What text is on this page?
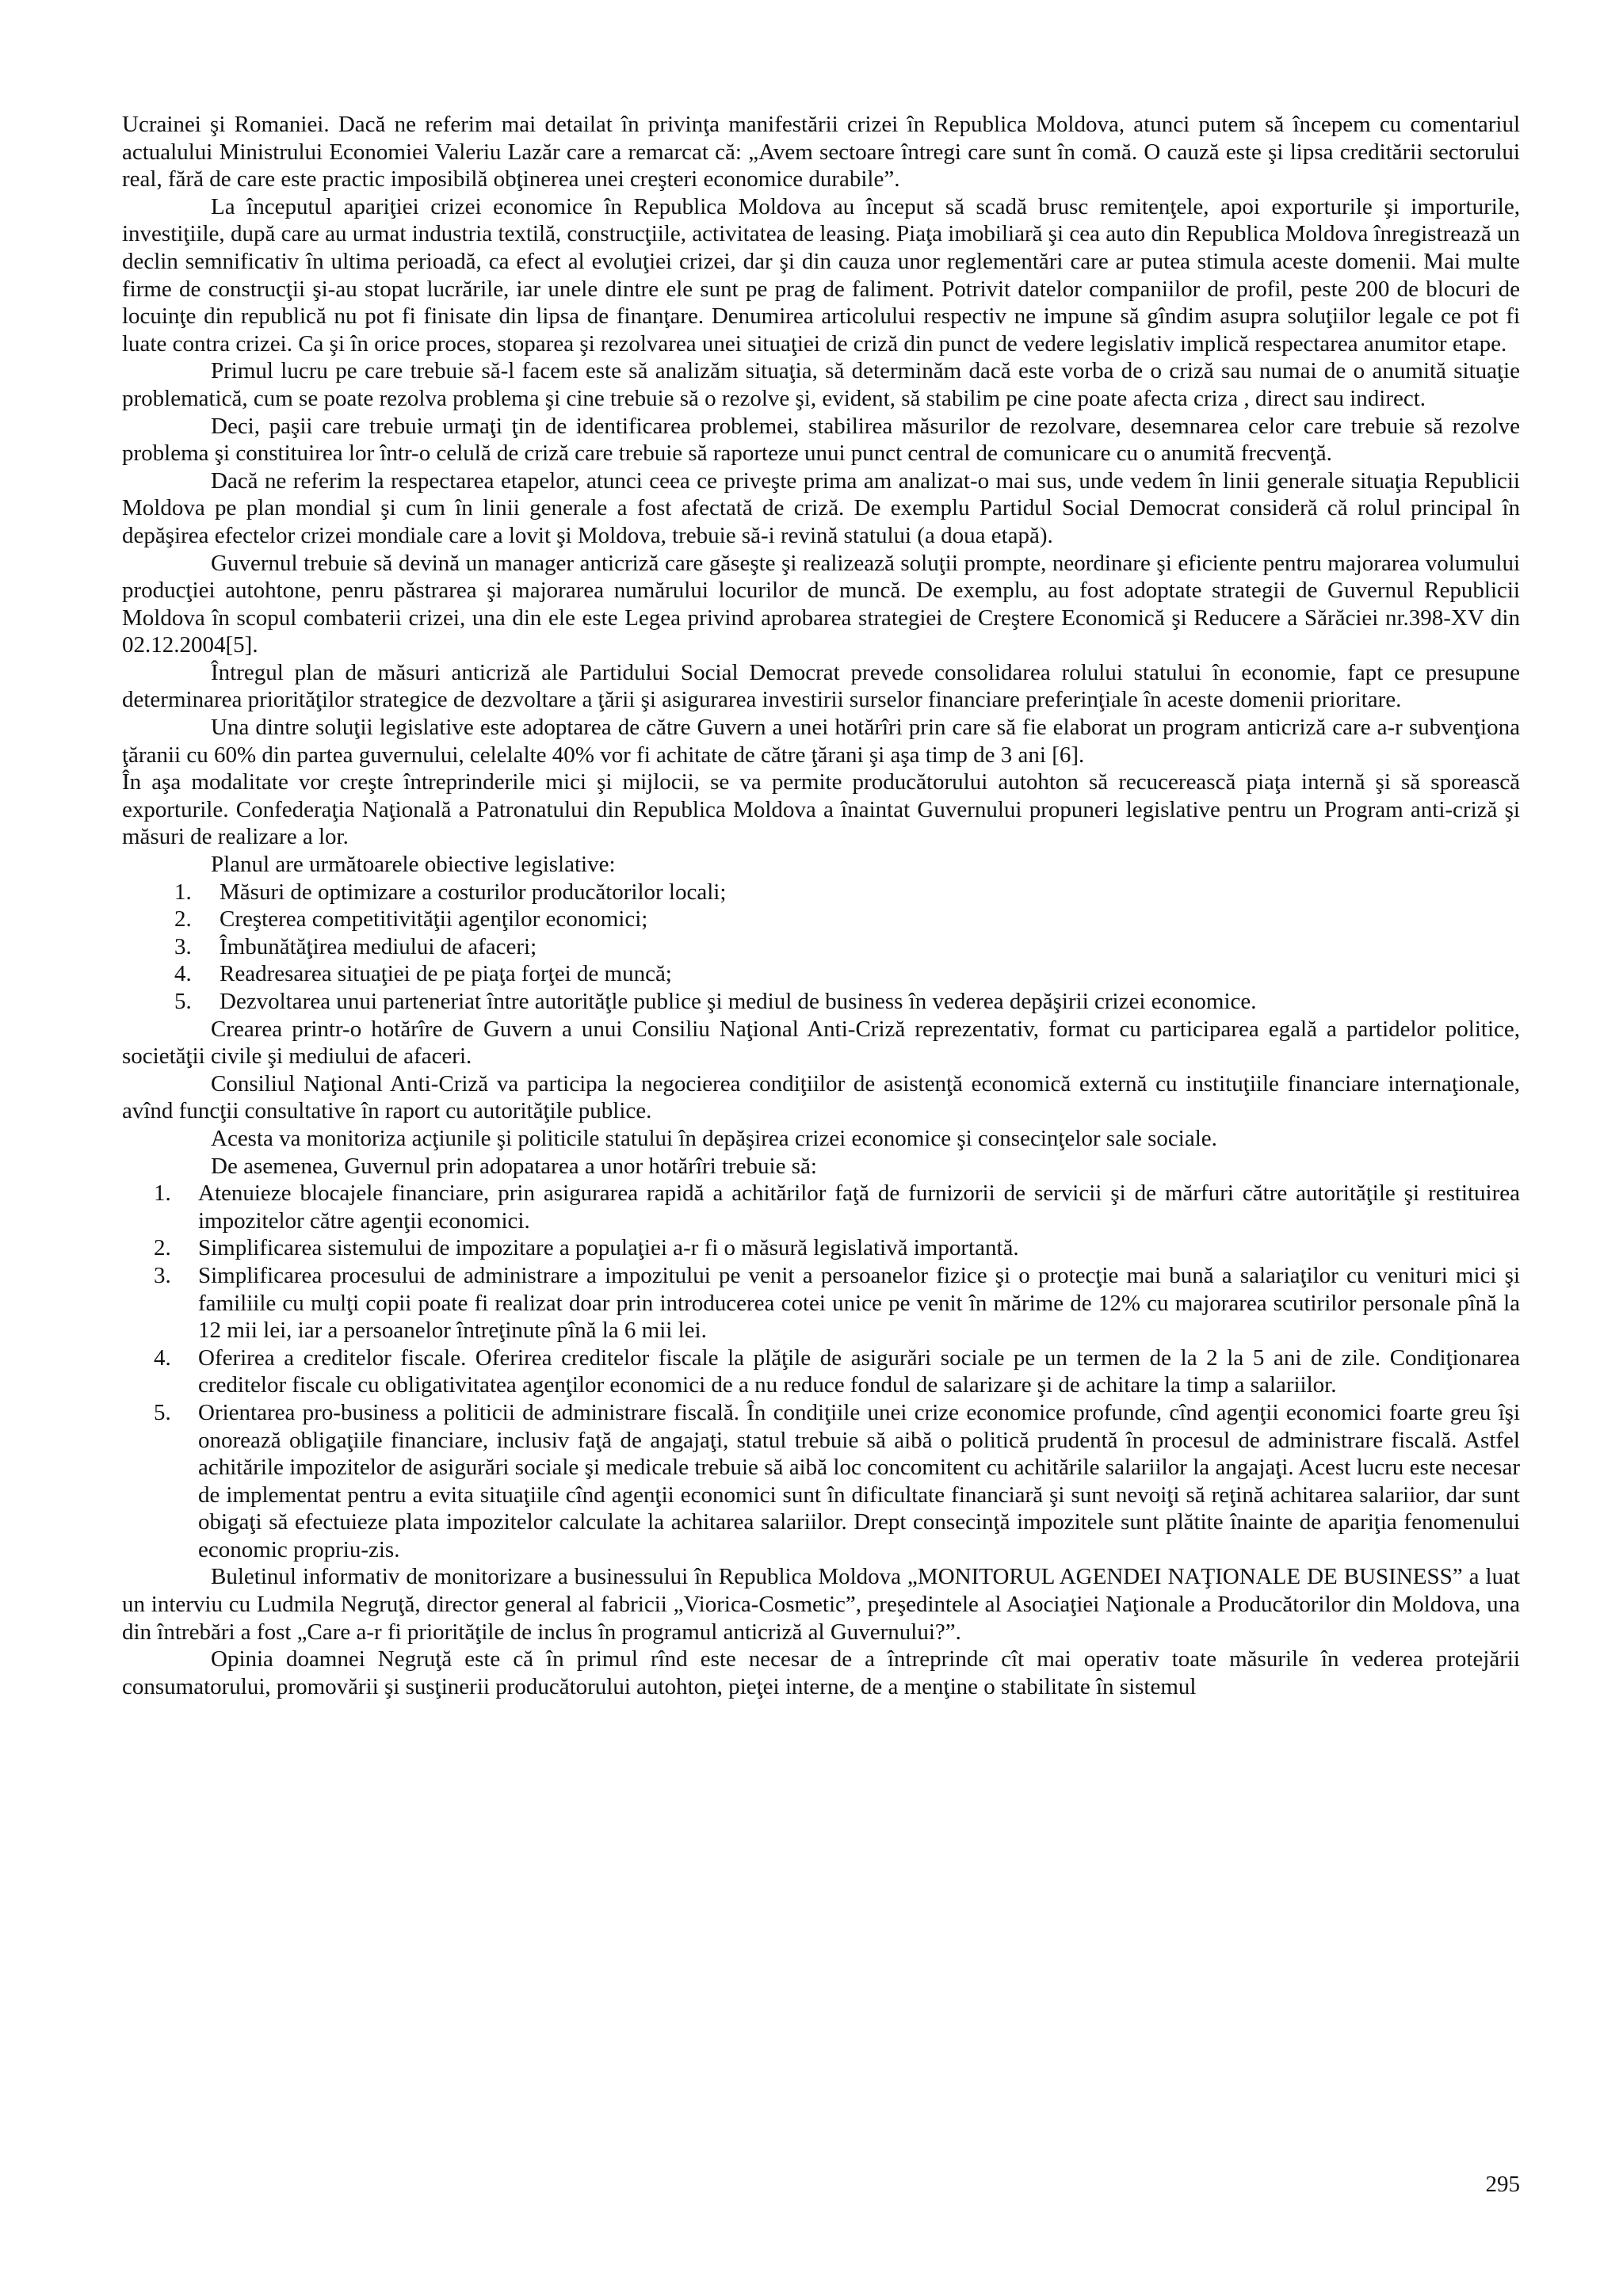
Ucrainei şi Romaniei. Dacă ne referim mai detailat în privinţa manifestării crizei în Republica Moldova, atunci putem să începem cu comentariul actualului Ministrului Economiei Valeriu Lazăr care a remarcat că: „Avem sectoare întregi care sunt în comă. O cauză este şi lipsa creditării sectorului real, fără de care este practic imposibilă obţinerea unei creşteri economice durabile”.

La începutul apariţiei crizei economice în Republica Moldova au început să scadă brusc remitenţele, apoi exporturile şi importurile, investiţiile, după care au urmat industria textilă, construcţiile, activitatea de leasing. Piaţa imobiliară şi cea auto din Republica Moldova înregistrează un declin semnificativ în ultima perioadă, ca efect al evoluţiei crizei, dar şi din cauza unor reglementări care ar putea stimula aceste domenii. Mai multe firme de construcţii şi-au stopat lucrările, iar unele dintre ele sunt pe prag de faliment. Potrivit datelor companiilor de profil, peste 200 de blocuri de locuinţe din republică nu pot fi finisate din lipsa de finanţare. Denumirea articolului respectiv ne impune să gîndim asupra soluţiilor legale ce pot fi luate contra crizei. Ca şi în orice proces, stoparea şi rezolvarea unei situaţiei de criză din punct de vedere legislativ implică respectarea anumitor etape.

Primul lucru pe care trebuie să-l facem este să analizăm situaţia, să determinăm dacă este vorba de o criză sau numai de o anumită situaţie problematică, cum se poate rezolva problema şi cine trebuie să o rezolve şi, evident, să stabilim pe cine poate afecta criza , direct sau indirect.

Deci, paşii care trebuie urmaţi ţin de identificarea problemei, stabilirea măsurilor de rezolvare, desemnarea celor care trebuie să rezolve problema şi constituirea lor într-o celulă de criză care trebuie să raporteze unui punct central de comunicare cu o anumită frecvenţă.

Dacă ne referim la respectarea etapelor, atunci ceea ce priveşte prima am analizat-o mai sus, unde vedem în linii generale situaţia Republicii Moldova pe plan mondial şi cum în linii generale a fost afectată de criză. De exemplu Partidul Social Democrat consideră că rolul principal în depăşirea efectelor crizei mondiale care a lovit şi Moldova, trebuie să-i revină statului (a doua etapă).

Guvernul trebuie să devină un manager anticriză care găseşte şi realizează soluţii prompte, neordinare şi eficiente pentru majorarea volumului producţiei autohtone, penru păstrarea şi majorarea numărului locurilor de muncă. De exemplu, au fost adoptate strategii de Guvernul Republicii Moldova în scopul combaterii crizei, una din ele este Legea privind aprobarea strategiei de Creştere Economică şi Reducere a Sărăciei nr.398-XV din 02.12.2004[5].

Întregul plan de măsuri anticriză ale Partidului Social Democrat prevede consolidarea rolului statului în economie, fapt ce presupune determinarea priorităţilor strategice de dezvoltare a ţării şi asigurarea investirii surselor financiare preferinţiale în aceste domenii prioritare.

Una dintre soluţii legislative este adoptarea de către Guvern a unei hotărîri prin care să fie elaborat un program anticriză care a-r subvenţiona ţăranii cu 60% din partea guvernului, celelalte 40% vor fi achitate de către ţărani şi aşa timp de 3 ani [6].

În aşa modalitate vor creşte întreprinderile mici şi mijlocii, se va permite producătorului autohton să recucerească piaţa internă şi să sporească exporturile. Confederaţia Naţională a Patronatului din Republica Moldova a înaintat Guvernului propuneri legislative pentru un Program anti-criză şi măsuri de realizare a lor.

Planul are următoarele obiective legislative:

1. Măsuri de optimizare a costurilor producătorilor locali;
2. Creşterea competitivităţii agenţilor economici;
3. Îmbunătăţirea mediului de afaceri;
4. Readresarea situaţiei de pe piaţa forţei de muncă;
5. Dezvoltarea unui parteneriat între autorităţle publice şi mediul de business în vederea depăşirii crizei economice.

Crearea printr-o hotărîre de Guvern a unui Consiliu Naţional Anti-Criză reprezentativ, format cu participarea egală a partidelor politice, societăţii civile şi mediului de afaceri.

Consiliul Naţional Anti-Criză va participa la negocierea condiţiilor de asistenţă economică externă cu instituţiile financiare internaţionale, avînd funcţii consultative în raport cu autorităţile publice.

Acesta va monitoriza acţiunile şi politicile statului în depăşirea crizei economice şi consecinţelor sale sociale.

De asemenea, Guvernul prin adopatarea a unor hotărîri trebuie să:

1. Atenuieze blocajele financiare, prin asigurarea rapidă a achitărilor faţă de furnizorii de servicii şi de mărfuri către autorităţile şi restituirea impozitelor către agenţii economici.
2. Simplificarea sistemului de impozitare a populaţiei a-r fi o măsură legislativă importantă.
3. Simplificarea procesului de administrare a impozitului pe venit a persoanelor fizice şi o protecţie mai bună a salariaţilor cu venituri mici şi familiile cu mulţi copii poate fi realizat doar prin introducerea cotei unice pe venit în mărime de 12% cu majorarea scutirilor personale pînă la 12 mii lei, iar a persoanelor întreţinute pînă la 6 mii lei.
4. Oferirea a creditelor fiscale. Oferirea creditelor fiscale la plăţile de asigurări sociale pe un termen de la 2 la 5 ani de zile. Condiţionarea creditelor fiscale cu obligativitatea agenţilor economici de a nu reduce fondul de salarizare şi de achitare la timp a salariilor.
5. Orientarea pro-business a politicii de administrare fiscală. În condiţiile unei crize economice profunde, cînd agenţii economici foarte greu îşi onorează obligaţiile financiare, inclusiv faţă de angajaţi, statul trebuie să aibă o politică prudentă în procesul de administrare fiscală. Astfel achitările impozitelor de asigurări sociale şi medicale trebuie să aibă loc concomitent cu achitările salariilor la angajaţi. Acest lucru este necesar de implementat pentru a evita situaţiile cînd agenţii economici sunt în dificultate financiară şi sunt nevoiţi să reţină achitarea salariior, dar sunt obigaţi să efectuieze plata impozitelor calculate la achitarea salariilor. Drept consecinţă impozitele sunt plătite înainte de apariţia fenomenului economic propriu-zis.

Buletinul informativ de monitorizare a businessului în Republica Moldova „MONITORUL AGENDEI NAŢIONALE DE BUSINESS” a luat un interviu cu Ludmila Negruţă, director general al fabricii „Viorica-Cosmetic”, preşedintele al Asociaţiei Naţionale a Producătorilor din Moldova, una din întrebări a fost „Care a-r fi priorităţile de inclus în programul anticriză al Guvernului?”.

Opinia doamnei Negruţă este că în primul rînd este necesar de a întreprinde cît mai operativ toate măsurile în vederea protejării consumatorului, promovării şi susţinerii producătorului autohton, pieţei interne, de a menţine o stabilitate în sistemul

295
